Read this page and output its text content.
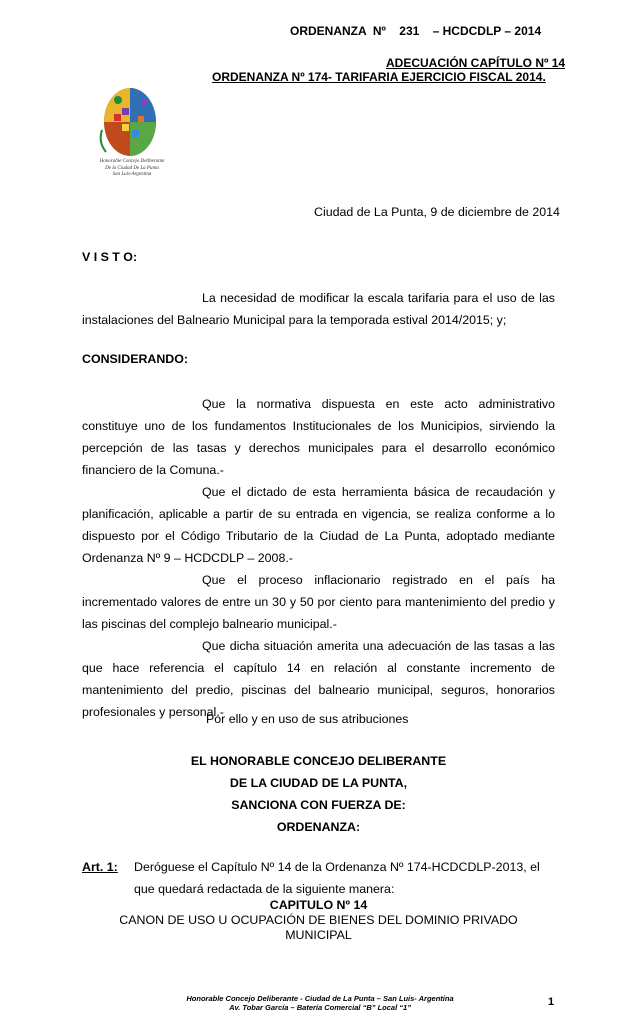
ORDENANZA  Nº    231    – HCDCDLP – 2014
ADECUACIÓN CAPÍTULO Nº 14
ORDENANZA Nº 174- TARIFARIA EJERCICIO FISCAL 2014.
Honorable Concejo Deliberante
De la Ciudad De La Punta
San Luis-Argentina
Ciudad de La Punta, 9 de diciembre de 2014
V I S T O:
La necesidad de modificar la escala tarifaria para el uso de las instalaciones del Balneario Municipal para la temporada estival 2014/2015; y;
CONSIDERANDO:
Que la normativa dispuesta en este acto administrativo constituye uno de los fundamentos Institucionales de los Municipios, sirviendo la percepción de las tasas y derechos municipales para el desarrollo económico financiero de la Comuna.-
Que el dictado de esta herramienta básica de recaudación y planificación, aplicable a partir de su entrada en vigencia, se realiza conforme a lo dispuesto por el Código Tributario de la Ciudad de La Punta, adoptado mediante Ordenanza Nº 9 – HCDCDLP – 2008.-
Que el proceso inflacionario registrado en el país ha incrementado valores de entre un 30 y 50 por ciento para mantenimiento del predio y las piscinas del complejo balneario municipal.-
Que dicha situación amerita una adecuación de las tasas a las que hace referencia el capítulo 14 en relación al constante incremento de mantenimiento del predio, piscinas del balneario municipal, seguros, honorarios profesionales y personal.-
Por ello y en uso de sus atribuciones
EL HONORABLE CONCEJO DELIBERANTE
DE LA CIUDAD DE LA PUNTA,
SANCIONA CON FUERZA DE:
ORDENANZA:
Art. 1: Deróguese el Capítulo Nº 14 de la Ordenanza Nº 174-HCDCDLP-2013, el
que quedará redactada de la siguiente manera:
CAPITULO Nº 14
CANON DE USO U OCUPACIÓN DE BIENES DEL DOMINIO PRIVADO
MUNICIPAL
Honorable Concejo Deliberante - Ciudad de La Punta – San Luis- Argentina
Av. Tobar García – Batería Comercial “B” Local “1”	1
